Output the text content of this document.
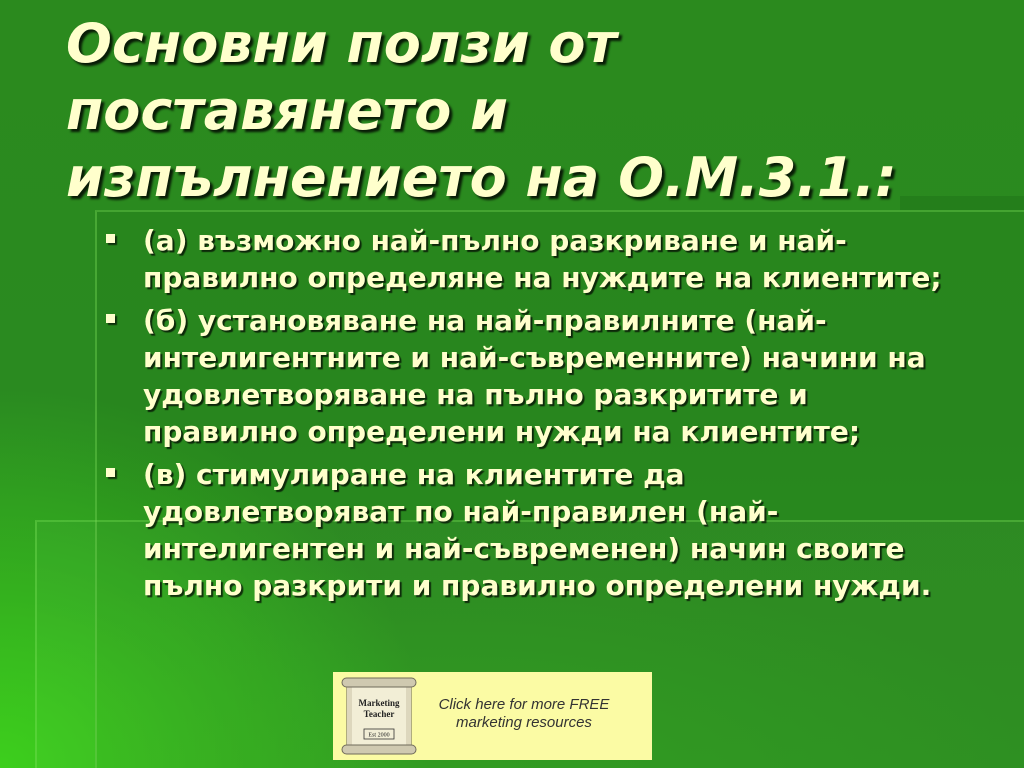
Основни ползи от
поставянето и
изпълнението на О.М.3.1.:
(а) възможно най-пълно разкриване и най-
правилно определяне на нуждите на клиентите;
(б) установяване на най-правилните (най-
интелигентните и най-съвременните) начини на
удовлетворяване на пълно разкритите и
правилно определени нужди на клиентите;
(в) стимулиране на клиентите да
удовлетворяват по най-правилен (най-
интелигентен и най-съвременен) начин своите
пълно разкрити и правилно определени нужди.
Marketing
Teacher
Est 2000
Click here for more FREE
marketing resources
